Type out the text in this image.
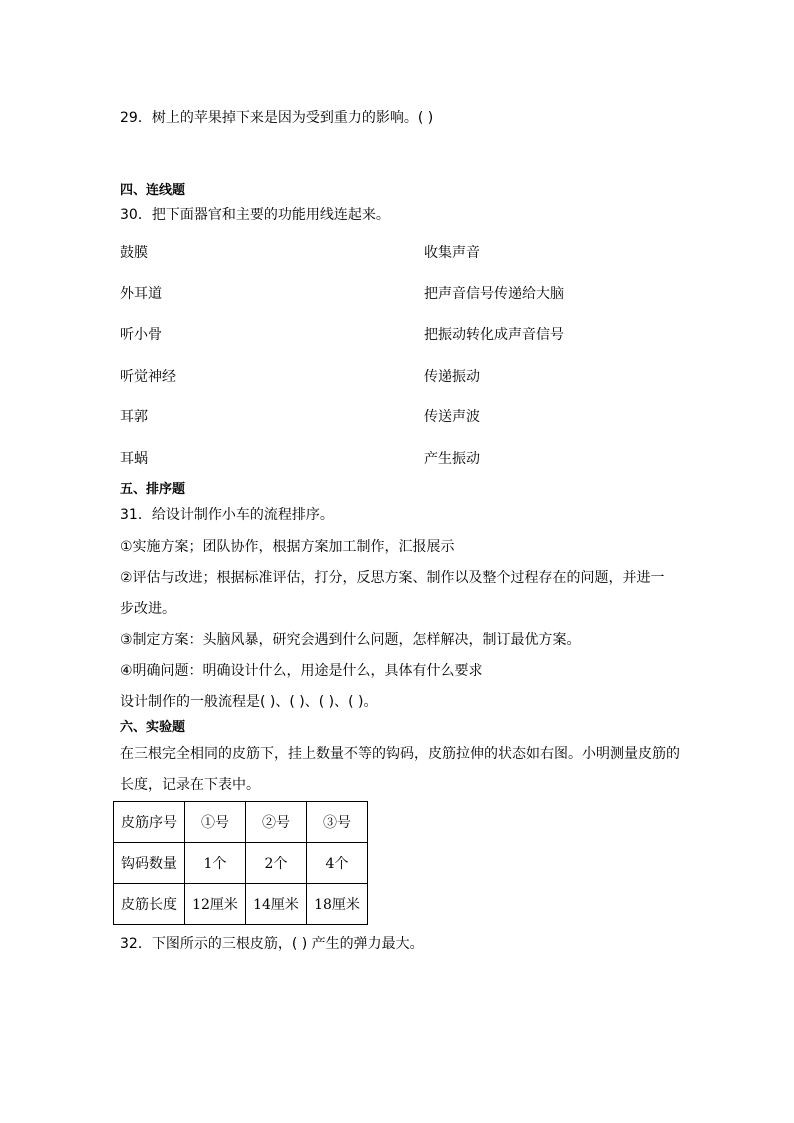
29．树上的苹果掉下来是因为受到重力的影响。( )
四、连线题
30．把下面器官和主要的功能用线连起来。
鼓膜	收集声音
外耳道	把声音信号传递给大脑
听小骨	把振动转化成声音信号
听觉神经	传递振动
耳郭	传送声波
耳蜗	产生振动
五、排序题
31．给设计制作小车的流程排序。
①实施方案；团队协作，根据方案加工制作，汇报展示
②评估与改进；根据标准评估，打分，反思方案、制作以及整个过程存在的问题，并进一
步改进。
③制定方案：头脑风暴，研究会遇到什么问题，怎样解决，制订最优方案。
④明确问题：明确设计什么，用途是什么，具体有什么要求
设计制作的一般流程是( )、( )、( )、( )。
六、实验题
在三根完全相同的皮筋下，挂上数量不等的钩码，皮筋拉伸的状态如右图。小明测量皮筋的
长度，记录在下表中。
皮筋序号	①号	②号	③号
钩码数量	1个	2个	4个
皮筋长度	12厘米	14厘米	18厘米
32．下图所示的三根皮筋，( ) 产生的弹力最大。
